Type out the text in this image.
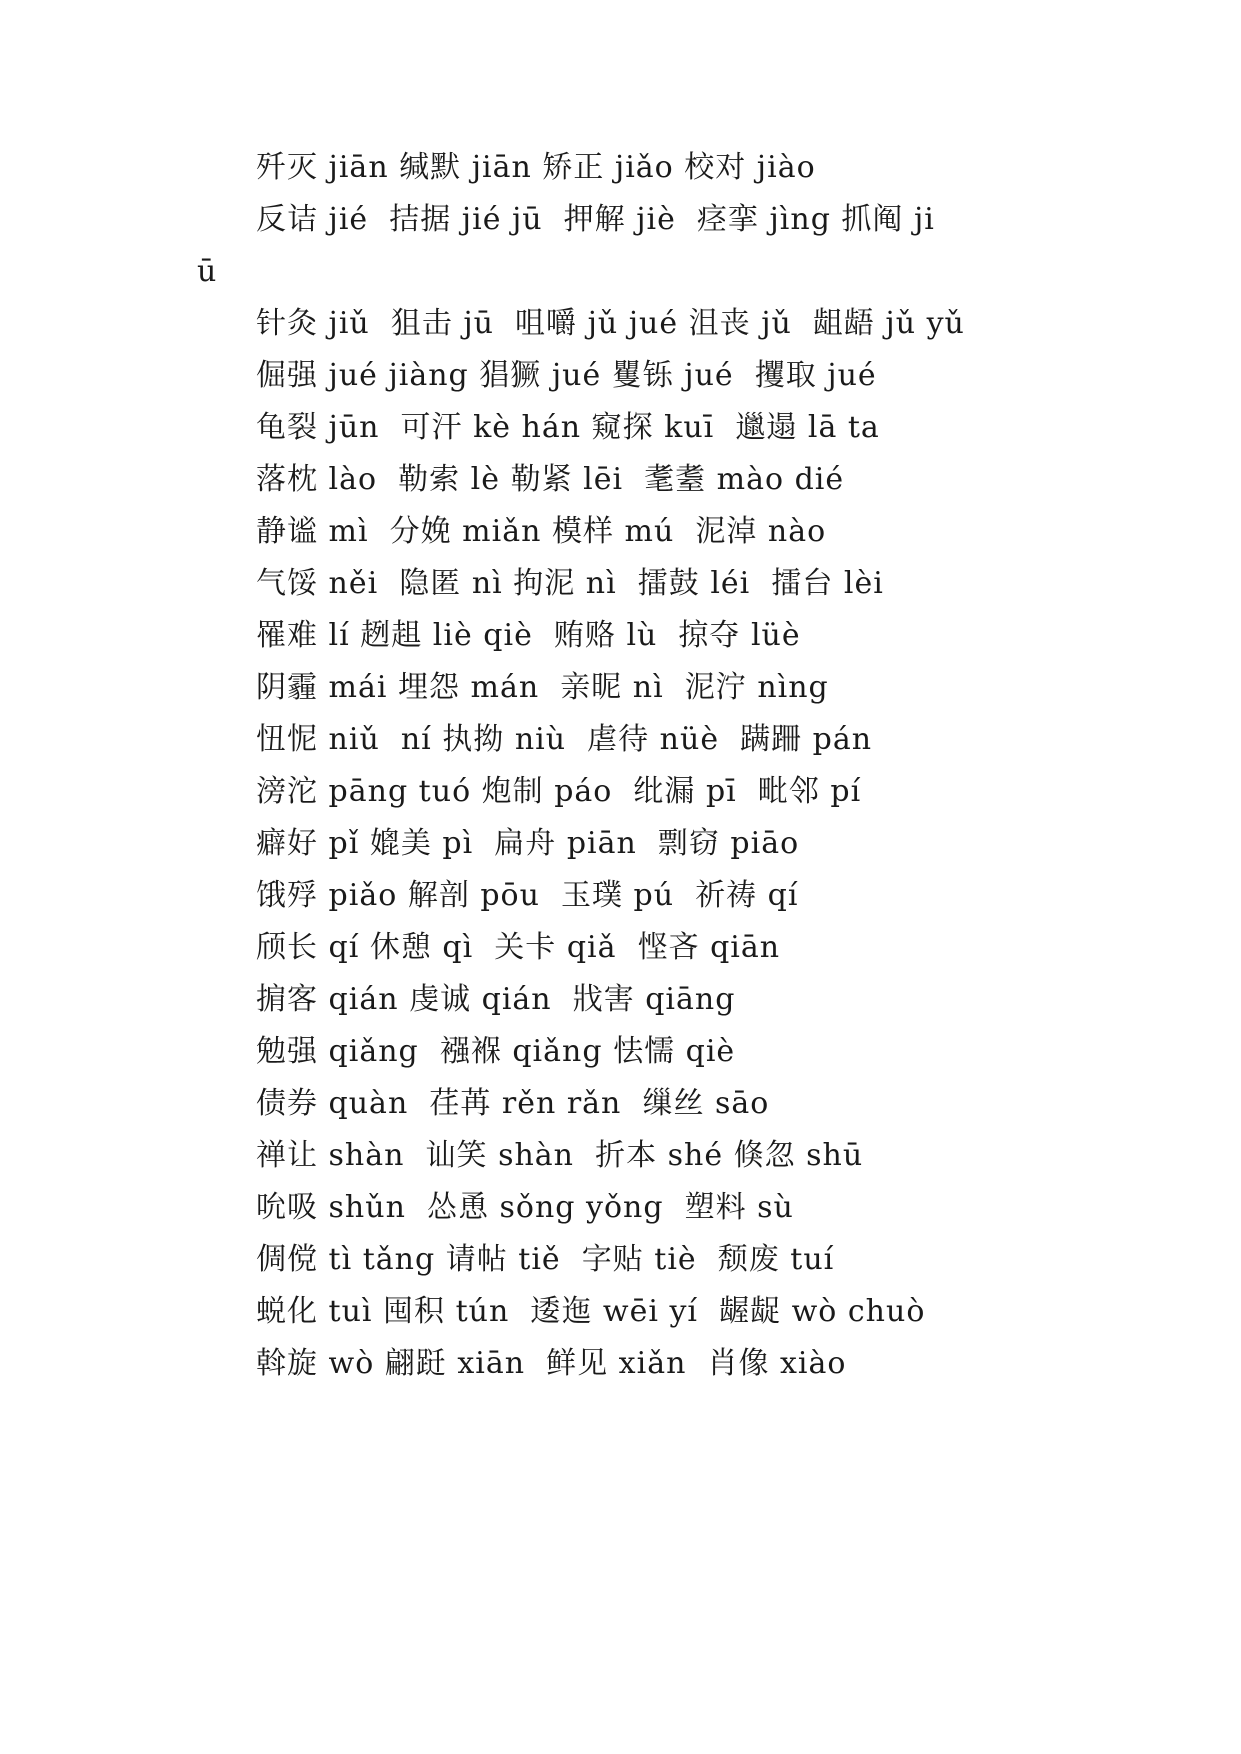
歼灭 jiān 缄默 jiān 矫正 jiǎo 校对 jiào
反诘 jié  拮据 jié jū  押解 jiè  痉挛 jìng 抓阄 ji
ū
针灸 jiǔ  狙击 jū  咀嚼 jǔ jué 沮丧 jǔ  龃龉 jǔ yǔ
倔强 jué jiàng 猖獗 jué 矍铄 jué  攫取 jué
龟裂 jūn  可汗 kè hán 窥探 kuī  邋遢 lā ta
落枕 lào  勒索 lè 勒紧 lēi  耄耋 mào dié
静谧 mì  分娩 miǎn 模样 mú  泥淖 nào
气馁 něi  隐匿 nì 拘泥 nì  擂鼓 léi  擂台 lèi
罹难 lí 趔趄 liè qiè  贿赂 lù  掠夺 lüè
阴霾 mái 埋怨 mán  亲昵 nì  泥泞 nìng
忸怩 niǔ  ní 执拗 niù  虐待 nüè  蹒跚 pán
滂沱 pāng tuó 炮制 páo  纰漏 pī  毗邻 pí
癖好 pǐ 媲美 pì  扁舟 piān  剽窃 piāo
饿殍 piǎo 解剖 pōu  玉璞 pú  祈祷 qí
颀长 qí 休憩 qì  关卡 qiǎ  悭吝 qiān
掮客 qián 虔诚 qián  戕害 qiāng
勉强 qiǎng  襁褓 qiǎng 怯懦 qiè
债券 quàn  荏苒 rěn rǎn  缫丝 sāo
禅让 shàn  讪笑 shàn  折本 shé 倏忽 shū
吮吸 shǔn  怂恿 sǒng yǒng  塑料 sù
倜傥 tì tǎng 请帖 tiě  字贴 tiè  颓废 tuí
蜕化 tuì 囤积 tún  逶迤 wēi yí  龌龊 wò chuò
斡旋 wò 翩跹 xiān  鲜见 xiǎn  肖像 xiào
